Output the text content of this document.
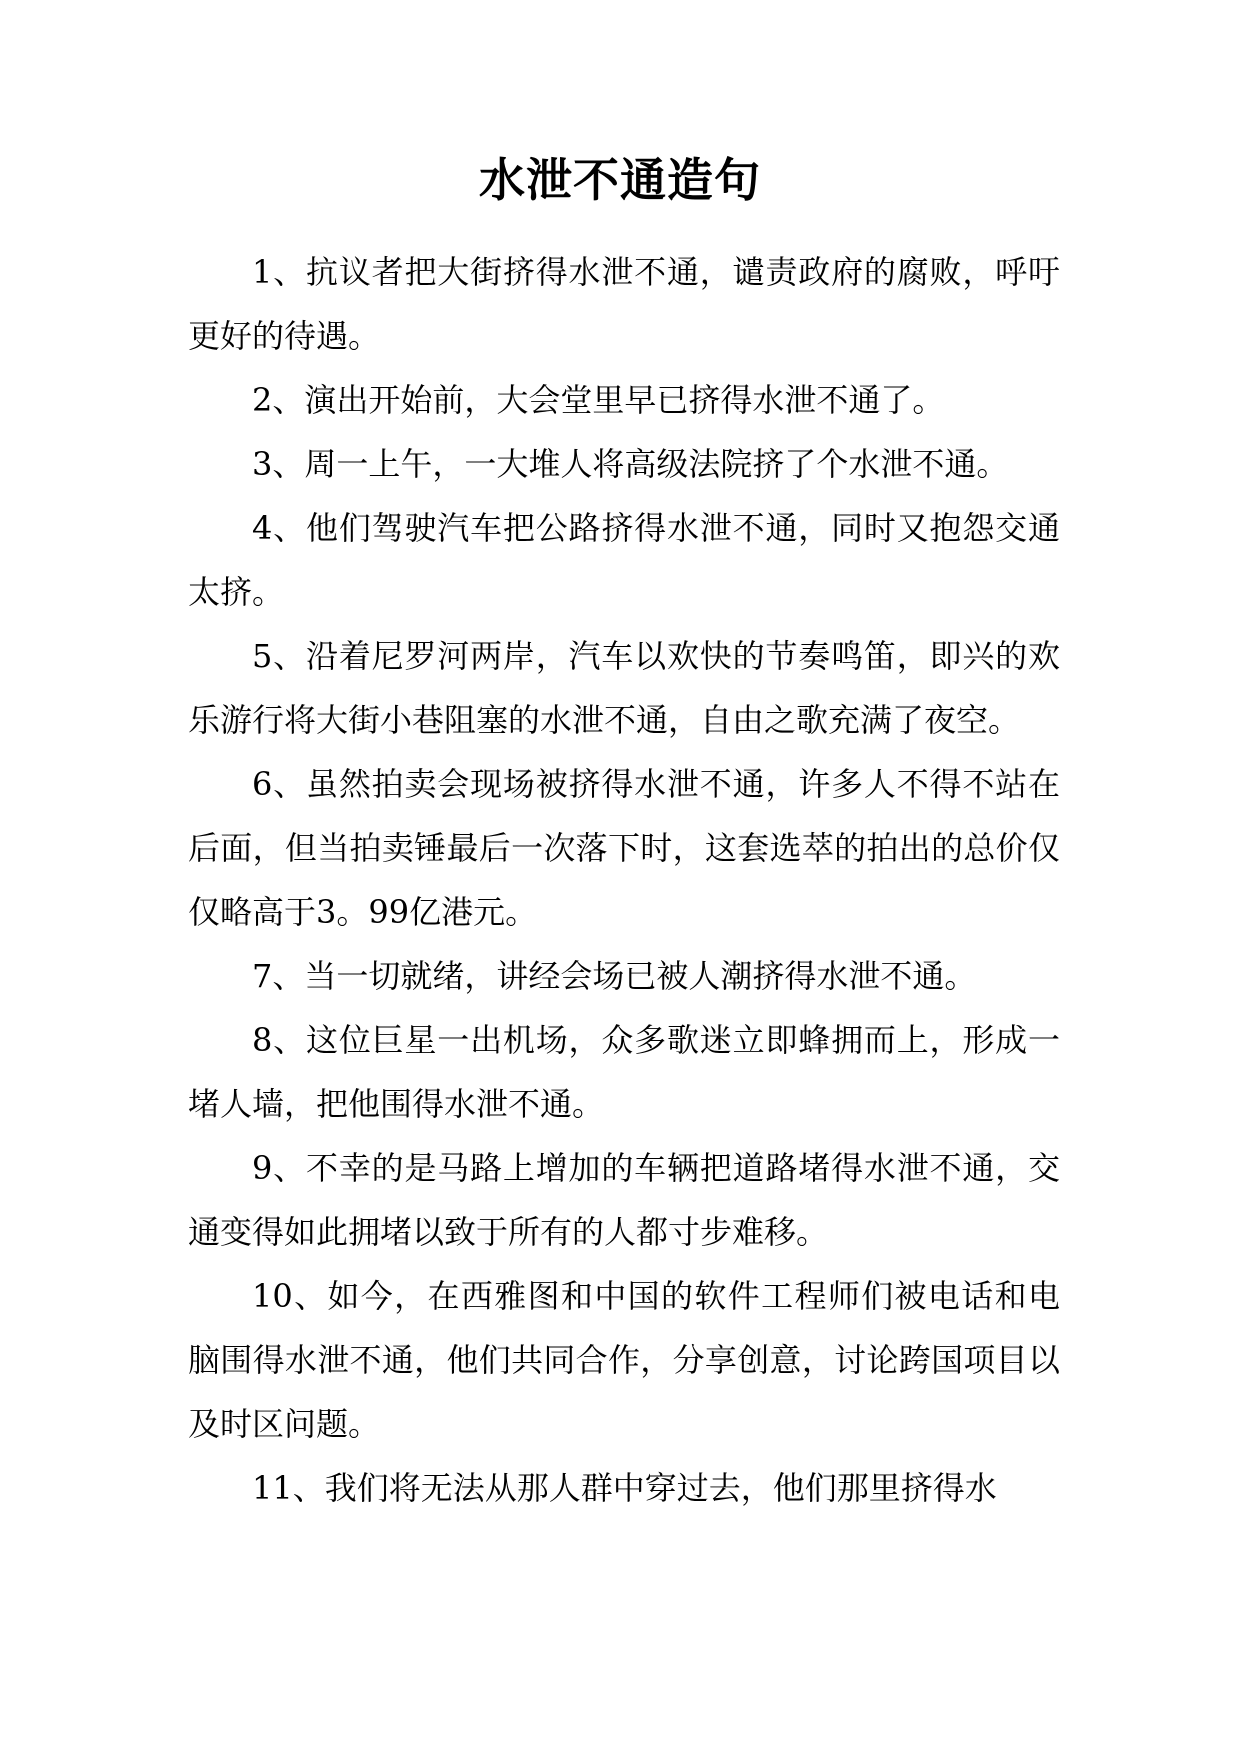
水泄不通造句

1、抗议者把大街挤得水泄不通，谴责政府的腐败，呼吁更好的待遇。

2、演出开始前，大会堂里早已挤得水泄不通了。

3、周一上午，一大堆人将高级法院挤了个水泄不通。

4、他们驾驶汽车把公路挤得水泄不通，同时又抱怨交通太挤。

5、沿着尼罗河两岸，汽车以欢快的节奏鸣笛，即兴的欢乐游行将大街小巷阻塞的水泄不通，自由之歌充满了夜空。

6、虽然拍卖会现场被挤得水泄不通，许多人不得不站在后面，但当拍卖锤最后一次落下时，这套选萃的拍出的总价仅仅略高于3。99亿港元。

7、当一切就绪，讲经会场已被人潮挤得水泄不通。

8、这位巨星一出机场，众多歌迷立即蜂拥而上，形成一堵人墙，把他围得水泄不通。

9、不幸的是马路上增加的车辆把道路堵得水泄不通，交通变得如此拥堵以致于所有的人都寸步难移。

10、如今，在西雅图和中国的软件工程师们被电话和电脑围得水泄不通，他们共同合作，分享创意，讨论跨国项目以及时区问题。

11、我们将无法从那人群中穿过去，他们那里挤得水
